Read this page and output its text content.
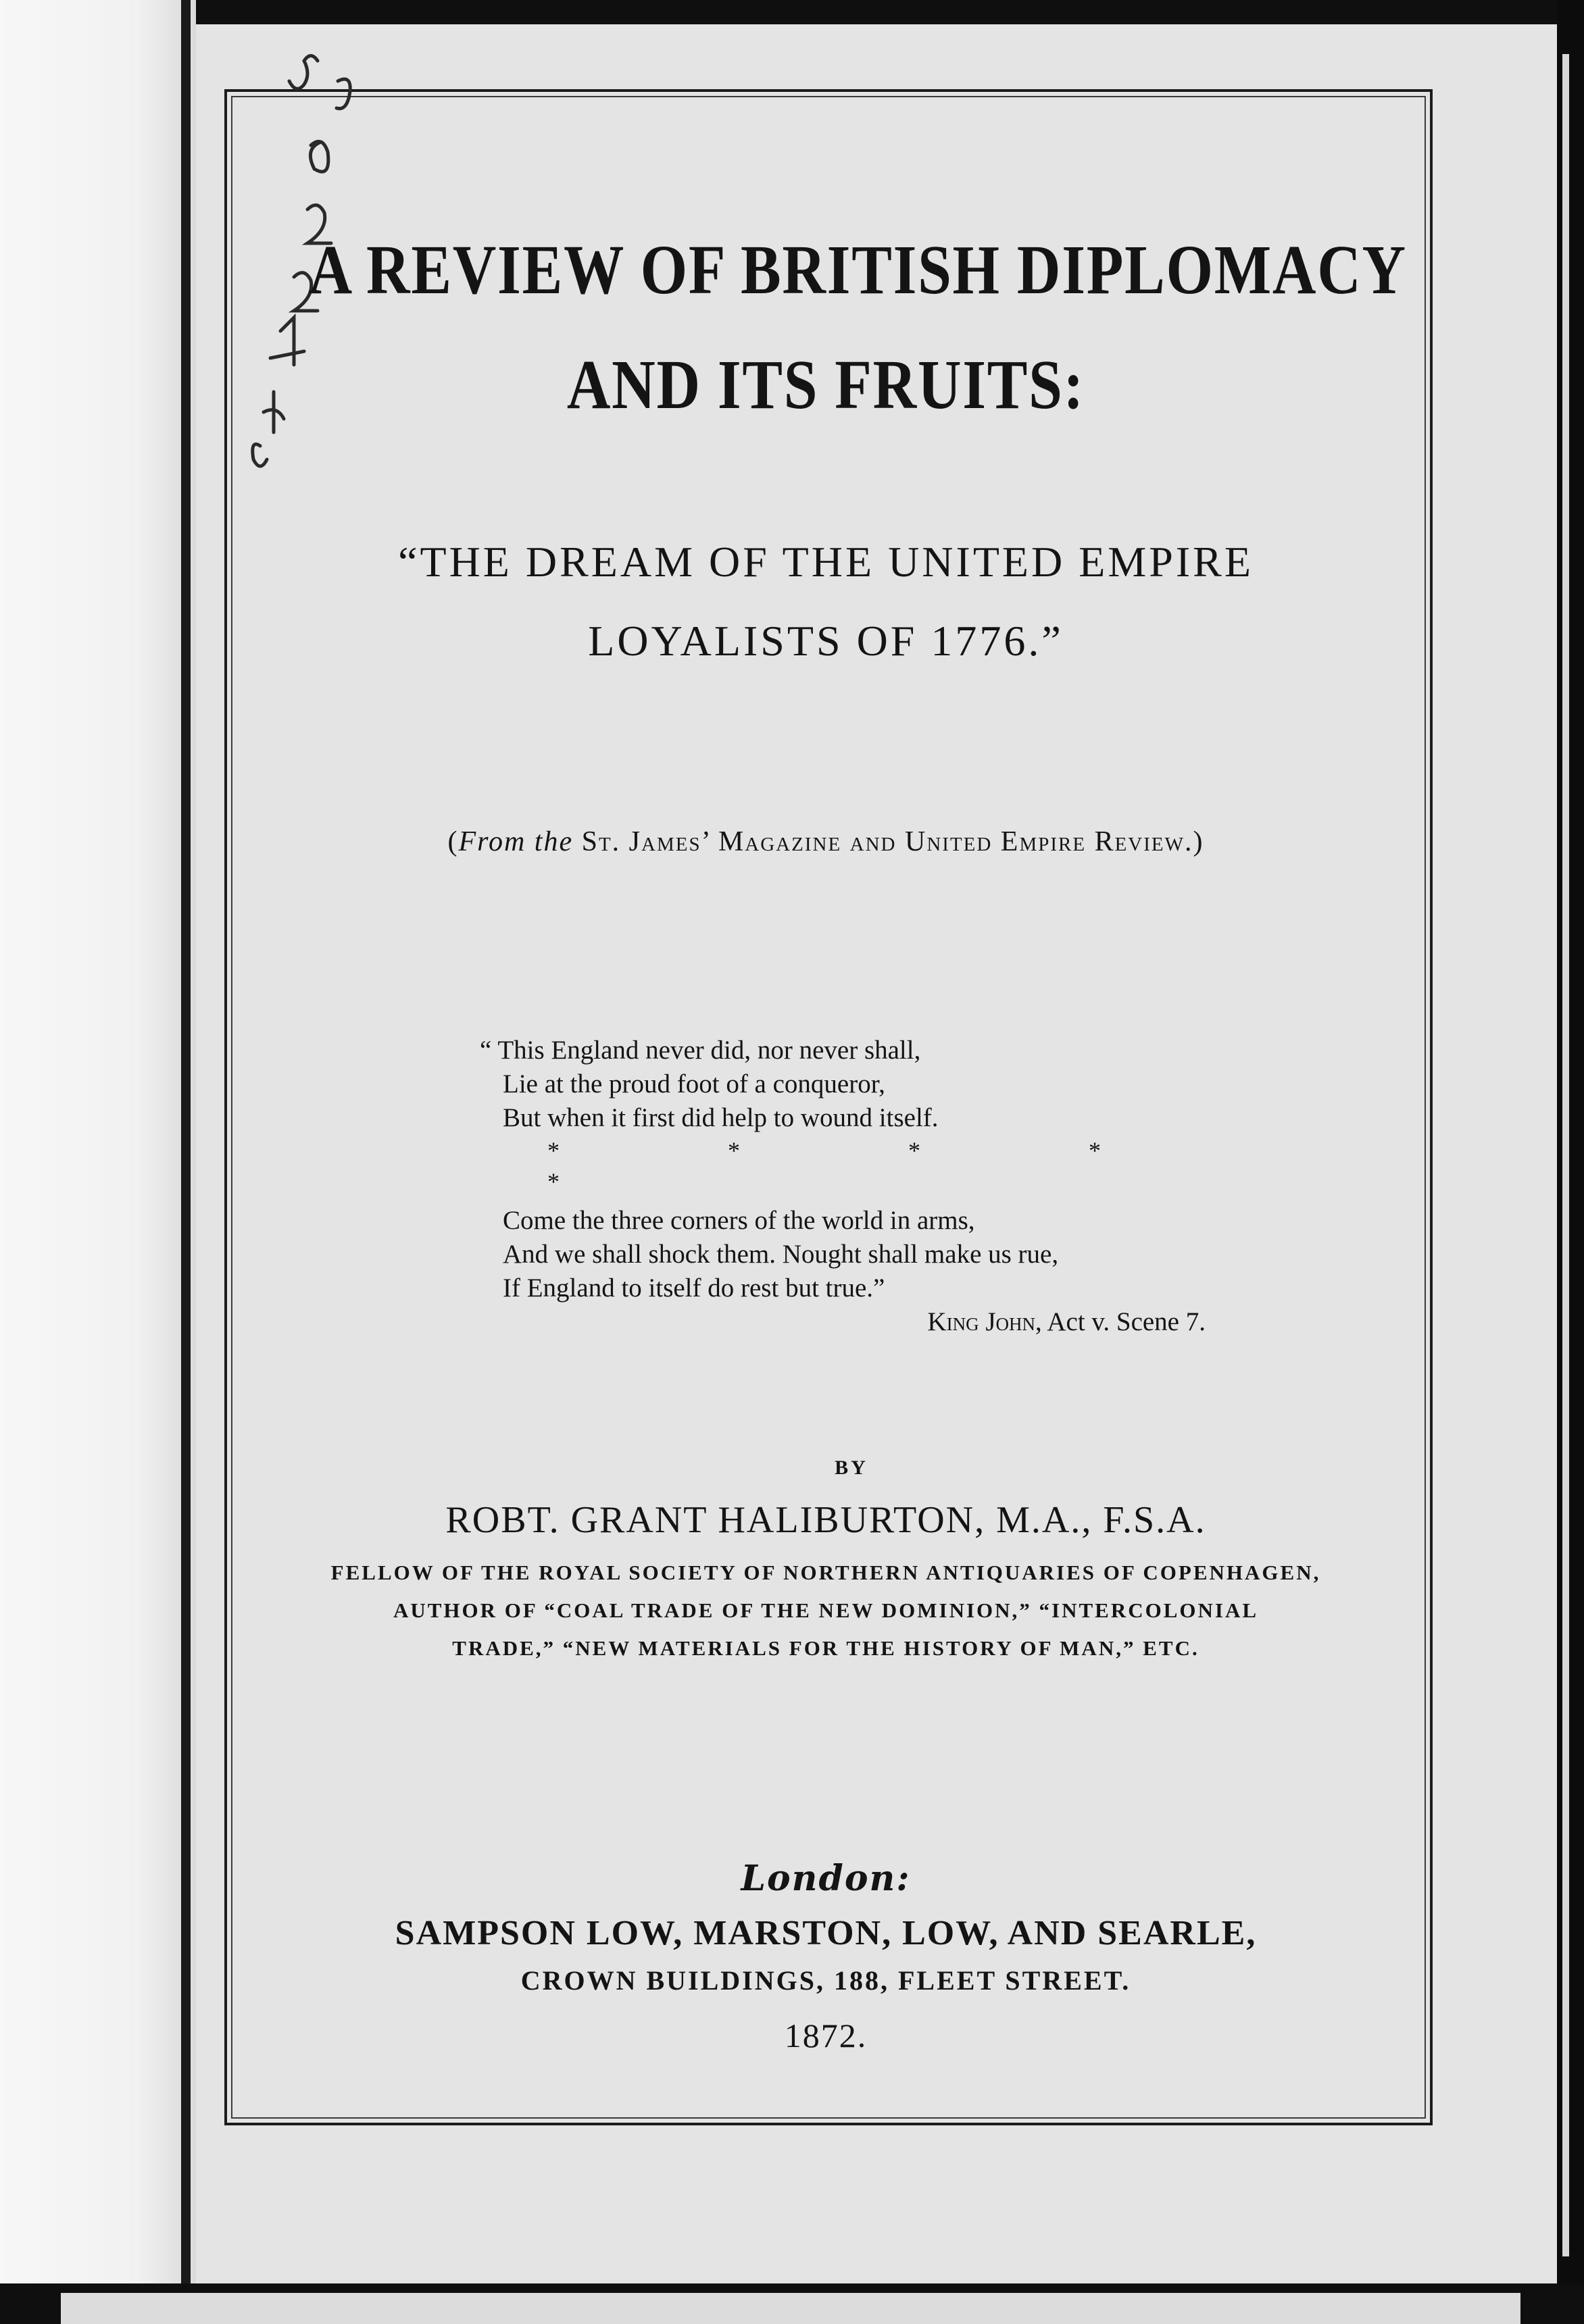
A REVIEW OF BRITISH DIPLOMACY
AND ITS FRUITS:
“THE DREAM OF THE UNITED EMPIRE
LOYALISTS OF 1776.”
(From the St. James’ Magazine and United Empire Review.)
“ This England never did, nor never shall,
Lie at the proud foot of a conqueror,
But when it first did help to wound itself.
* * * * *
Come the three corners of the world in arms,
And we shall shock them. Nought shall make us rue,
If England to itself do rest but true.”
King John, Act v. Scene 7.
BY
ROBT. GRANT HALIBURTON, M.A., F.S.A.
FELLOW OF THE ROYAL SOCIETY OF NORTHERN ANTIQUARIES OF COPENHAGEN,
AUTHOR OF “COAL TRADE OF THE NEW DOMINION,” “INTERCOLONIAL
TRADE,” “NEW MATERIALS FOR THE HISTORY OF MAN,” ETC.
London:
SAMPSON LOW, MARSTON, LOW, AND SEARLE,
CROWN BUILDINGS, 188, FLEET STREET.
1872.
